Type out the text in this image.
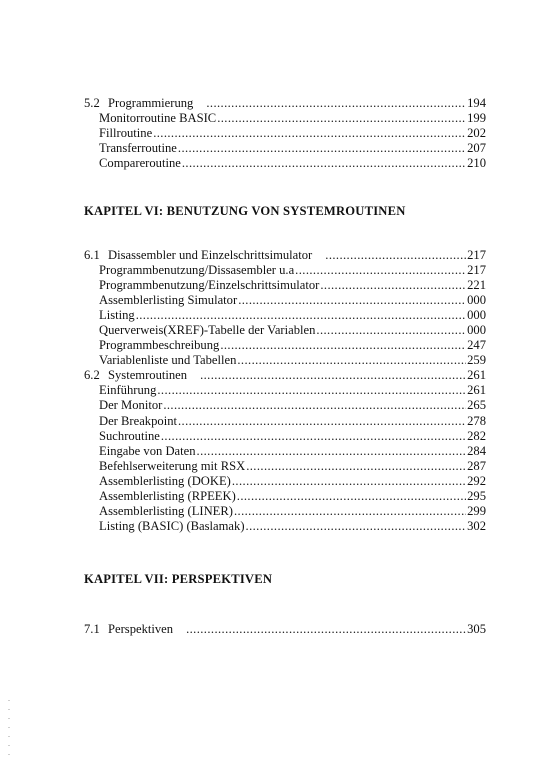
5.2 Programmierung .....	194
Monitorroutine BASIC .....	199
Fillroutine .....	202
Transferroutine .....	207
Compareroutine .....	210
KAPITEL VI: BENUTZUNG VON SYSTEMROUTINEN
6.1 Disassembler und Einzelschrittsimulator .....	217
Programmbenutzung/Dissasembler u.a .....	217
Programmbenutzung/Einzelschrittsimulator .....	221
Assemblerlisting Simulator .....	000
Listing .....	000
Querverweis(XREF)-Tabelle der Variablen .....	000
Programmbeschreibung .....	247
Variablenliste und Tabellen .....	259
6.2 Systemroutinen .....	261
Einführung .....	261
Der Monitor .....	265
Der Breakpoint .....	278
Suchroutine .....	282
Eingabe von Daten .....	284
Befehlserweiterung mit RSX .....	287
Assemblerlisting (DOKE) .....	292
Assemblerlisting (RPEEK) .....	295
Assemblerlisting (LINER) .....	299
Listing (BASIC) (Baslamak) .....	302
KAPITEL VII: PERSPEKTIVEN
7.1 Perspektiven .....	305
